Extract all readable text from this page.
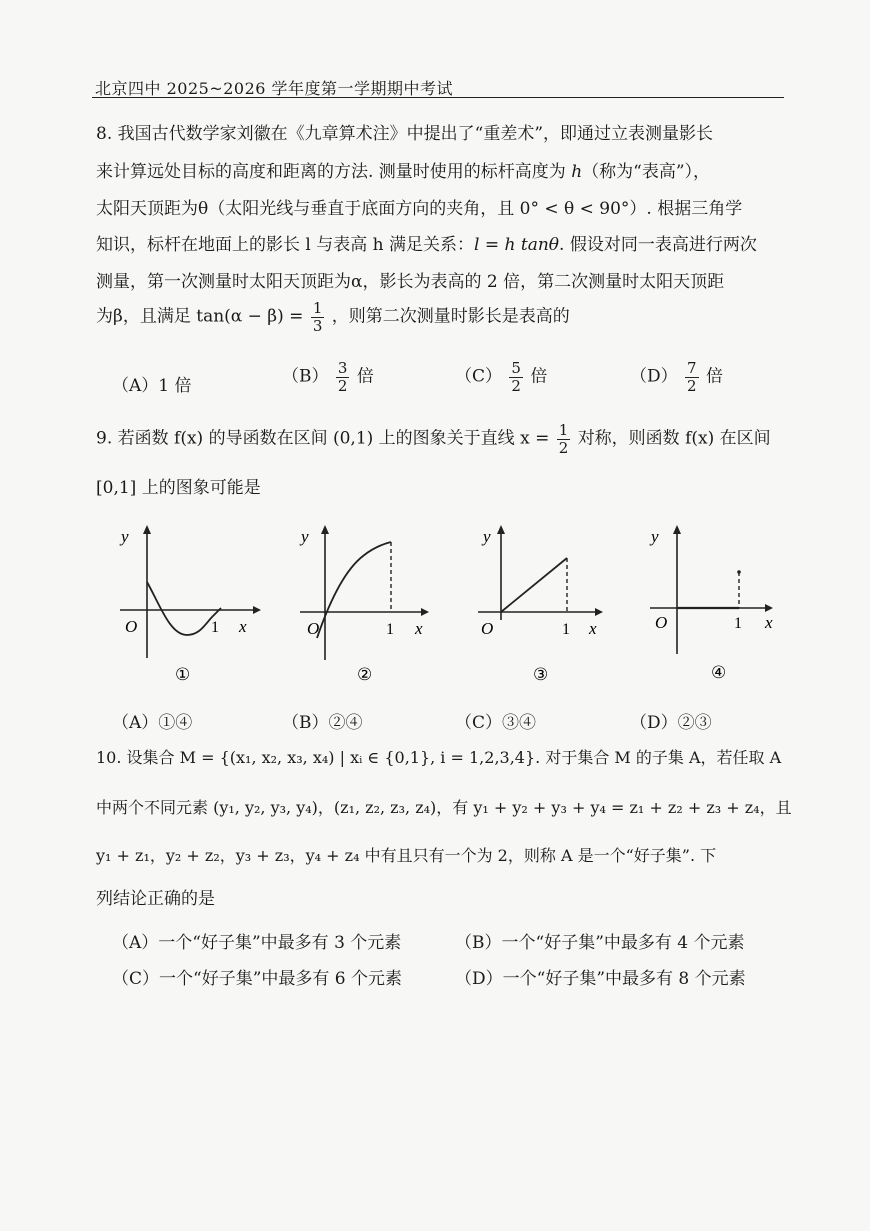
北京四中 2025~2026 学年度第一学期期中考试
8. 我国古代数学家刘徽在《九章算术注》中提出了“重差术”，即通过立表测量影长
来计算远处目标的高度和距离的方法. 测量时使用的标杆高度为 h（称为“表高”），
太阳天顶距为θ（太阳光线与垂直于底面方向的夹角，且 0° < θ < 90°）. 根据三角学
知识，标杆在地面上的影长 l 与表高 h 满足关系：l = h tanθ. 假设对同一表高进行两次
测量，第一次测量时太阳天顶距为α，影长为表高的 2 倍，第二次测量时太阳天顶距
为β，且满足 $\tan(\alpha - \beta) = \frac{1}{3}$ ，则第二次测量时影长是表高的
（A）1 倍	$(B) \frac{3}{2}$ 倍	$(C) \frac{5}{2}$ 倍	$(D) \frac{7}{2}$ 倍
9. 若函数 f(x) 的导函数在区间 (0,1) 上的图象关于直线 $x = \frac{1}{2}$ 对称，则函数 f(x) 在区间
[0,1] 上的图象可能是
y
O	1 x
①
y
O	1 x
②
y
O	1 x
③
y
O	1 x
④
（A）①④	（B）②④	（C）③④	（D）②③
10. 设集合 M = {(x₁, x₂, x₃, x₄) | xᵢ ∈ {0,1}, i = 1,2,3,4}. 对于集合 M 的子集 A，若任取 A
中两个不同元素 (y₁, y₂, y₃, y₄)，(z₁, z₂, z₃, z₄)，有 y₁ + y₂ + y₃ + y₄ = z₁ + z₂ + z₃ + z₄，且
y₁ + z₁，y₂ + z₂，y₃ + z₃，y₄ + z₄ 中有且只有一个为 2，则称 A 是一个“好子集”. 下
列结论正确的是
（A）一个“好子集”中最多有 3 个元素	（B）一个“好子集”中最多有 4 个元素
（C）一个“好子集”中最多有 6 个元素	（D）一个“好子集”中最多有 8 个元素
